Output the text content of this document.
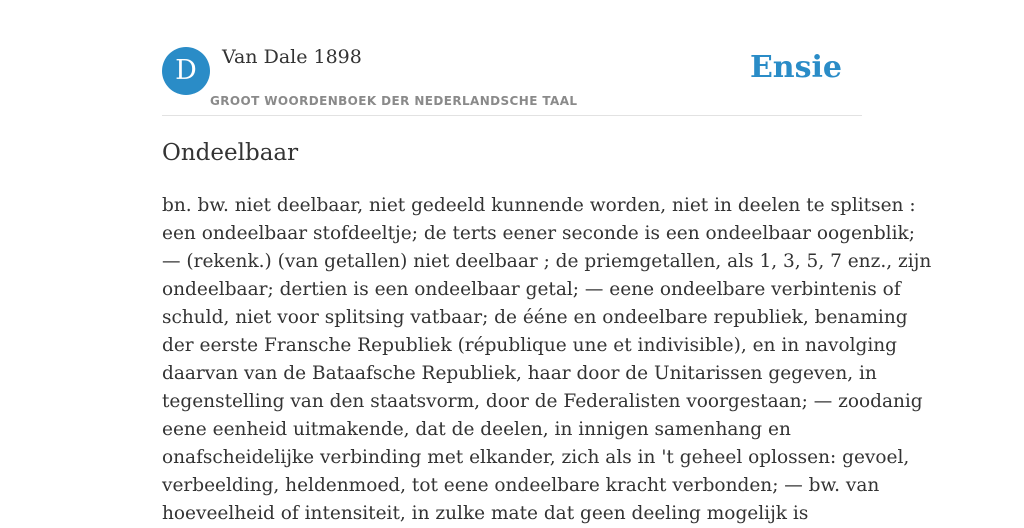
D	Van Dale 1898
GROOT WOORDENBOEK DER NEDERLANDSCHE TAAL
Ensie
Ondeelbaar
bn. bw. niet deelbaar, niet gedeeld kunnende worden, niet in deelen te splitsen :
een ondeelbaar stofdeeltje; de terts eener seconde is een ondeelbaar oogenblik;
— (rekenk.) (van getallen) niet deelbaar ; de priemgetallen, als 1, 3, 5, 7 enz., zijn
ondeelbaar; dertien is een ondeelbaar getal; — eene ondeelbare verbintenis of
schuld, niet voor splitsing vatbaar; de ééne en ondeelbare republiek, benaming
der eerste Fransche Republiek (république une et indivisible), en in navolging
daarvan van de Bataafsche Republiek, haar door de Unitarissen gegeven, in
tegenstelling van den staatsvorm, door de Federalisten voorgestaan; — zoodanig
eene eenheid uitmakende, dat de deelen, in innigen samenhang en
onafscheidelijke verbinding met elkander, zich als in 't geheel oplossen: gevoel,
verbeelding, heldenmoed, tot eene ondeelbare kracht verbonden; — bw. van
hoeveelheid of intensiteit, in zulke mate dat geen deeling mogelijk is
